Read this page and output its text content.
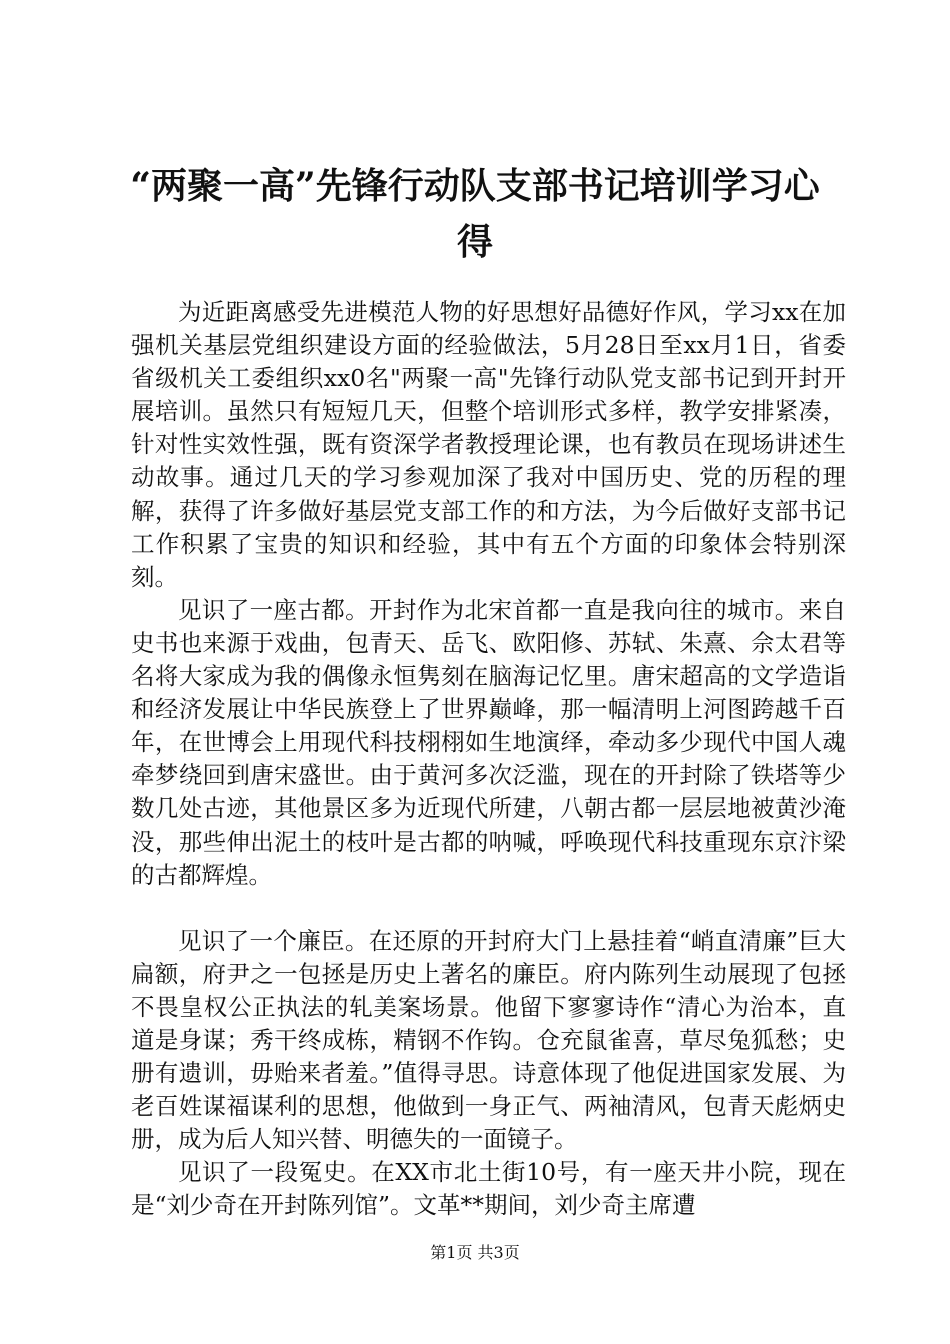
“两聚一高”先锋行动队支部书记培训学习心得

为近距离感受先进模范人物的好思想好品德好作风，学习xx在加强机关基层党组织建设方面的经验做法，5月28日至xx月1日，省委省级机关工委组织xx0名"两聚一高"先锋行动队党支部书记到开封开展培训。虽然只有短短几天，但整个培训形式多样，教学安排紧凑，针对性实效性强，既有资深学者教授理论课，也有教员在现场讲述生动故事。通过几天的学习参观加深了我对中国历史、党的历程的理解，获得了许多做好基层党支部工作的和方法，为今后做好支部书记工作积累了宝贵的知识和经验，其中有五个方面的印象体会特别深刻。

见识了一座古都。开封作为北宋首都一直是我向往的城市。来自史书也来源于戏曲，包青天、岳飞、欧阳修、苏轼、朱熹、佘太君等名将大家成为我的偶像永恒隽刻在脑海记忆里。唐宋超高的文学造诣和经济发展让中华民族登上了世界巅峰，那一幅清明上河图跨越千百年，在世博会上用现代科技栩栩如生地演绎，牵动多少现代中国人魂牵梦绕回到唐宋盛世。由于黄河多次泛滥，现在的开封除了铁塔等少数几处古迹，其他景区多为近现代所建，八朝古都一层层地被黄沙淹没，那些伸出泥土的枝叶是古都的呐喊，呼唤现代科技重现东京汴梁的古都辉煌。

见识了一个廉臣。在还原的开封府大门上悬挂着“峭直清廉”巨大扁额，府尹之一包拯是历史上著名的廉臣。府内陈列生动展现了包拯不畏皇权公正执法的轧美案场景。他留下寥寥诗作“清心为治本，直道是身谋；秀干终成栋，精钢不作钩。仓充鼠雀喜，草尽兔狐愁；史册有遗训，毋贻来者羞。”值得寻思。诗意体现了他促进国家发展、为老百姓谋福谋利的思想，他做到一身正气、两袖清风，包青天彪炳史册，成为后人知兴替、明德失的一面镜子。

见识了一段冤史。在XX市北土街10号，有一座天井小院，现在是“刘少奇在开封陈列馆”。文革**期间，刘少奇主席遭

第1页 共3页
